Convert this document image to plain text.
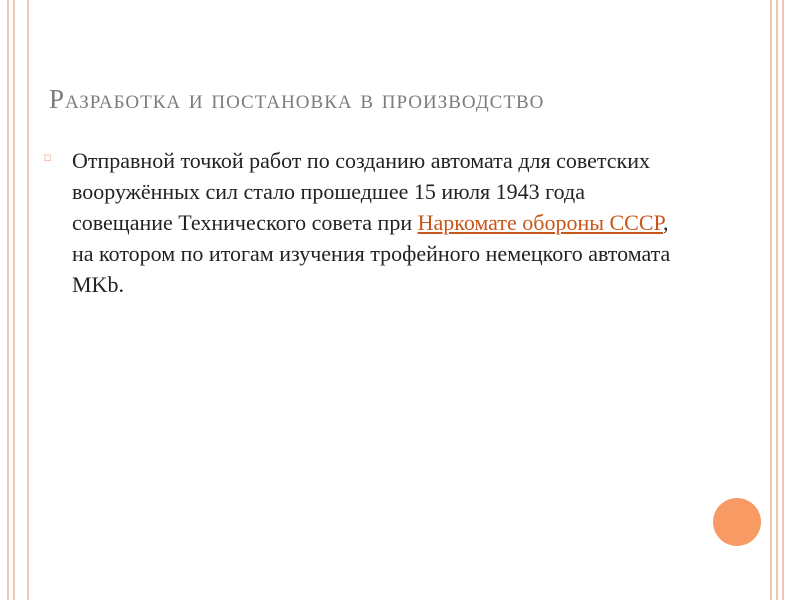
Разработка и постановка в производство
⌑ Отправной точкой работ по созданию автомата для советских вооружённых сил стало прошедшее 15 июля 1943 года совещание Технического совета при Наркомате обороны СССР, на котором по итогам изучения трофейного немецкого автомата MKb.
